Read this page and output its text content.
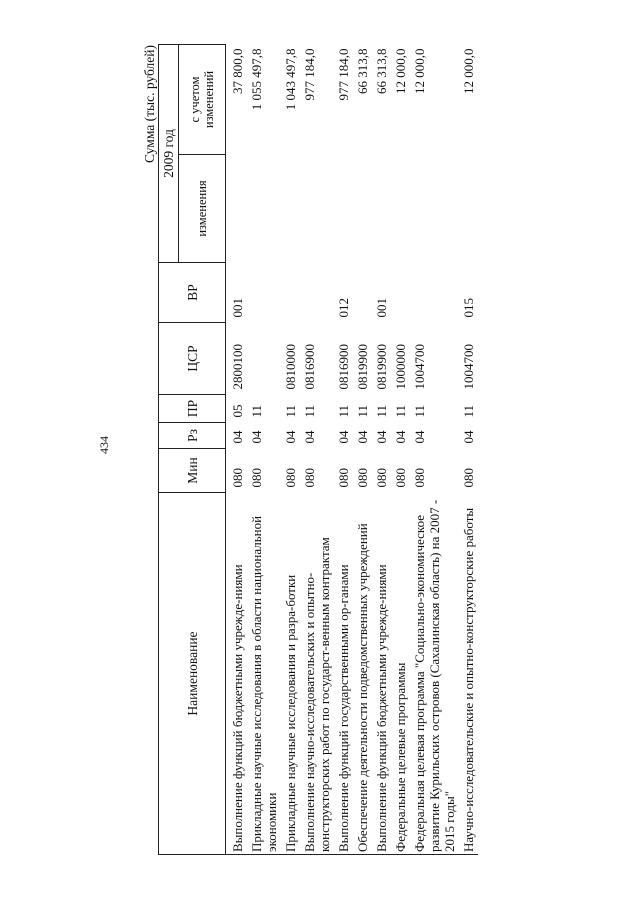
434
Сумма (тыс. рублей)
Наименование	Мин	Рз	ПР	ЦСР	ВР	2009 год	
						изменения	с учетом изменений
Выполнение функций бюджетными учрежде-ниями	080	04	05	2800100	001		37 800,0
Прикладные научные исследования в области национальной экономики	080	04	11				1 055 497,8
Прикладные научные исследования и разра-ботки	080	04	11	0810000			1 043 497,8
Выполнение научно-исследовательских и опытно-конструкторских работ по государст-венным контрактам	080	04	11	0816900			977 184,0
Выполнение функций государственными ор-ганами	080	04	11	0816900	012		977 184,0
Обеспечение деятельности подведомственных учреждений	080	04	11	0819900			66 313,8
Выполнение функций бюджетными учрежде-ниями	080	04	11	0819900	001		66 313,8
Федеральные целевые программы	080	04	11	1000000			12 000,0
Федеральная целевая программа "Социально-экономическое развитие Курильских островов (Сахалинская область) на 2007 - 2015 годы"	080	04	11	1004700			12 000,0
Научно-исследовательские и опытно-конструкторские работы	080	04	11	1004700	015		12 000,0
